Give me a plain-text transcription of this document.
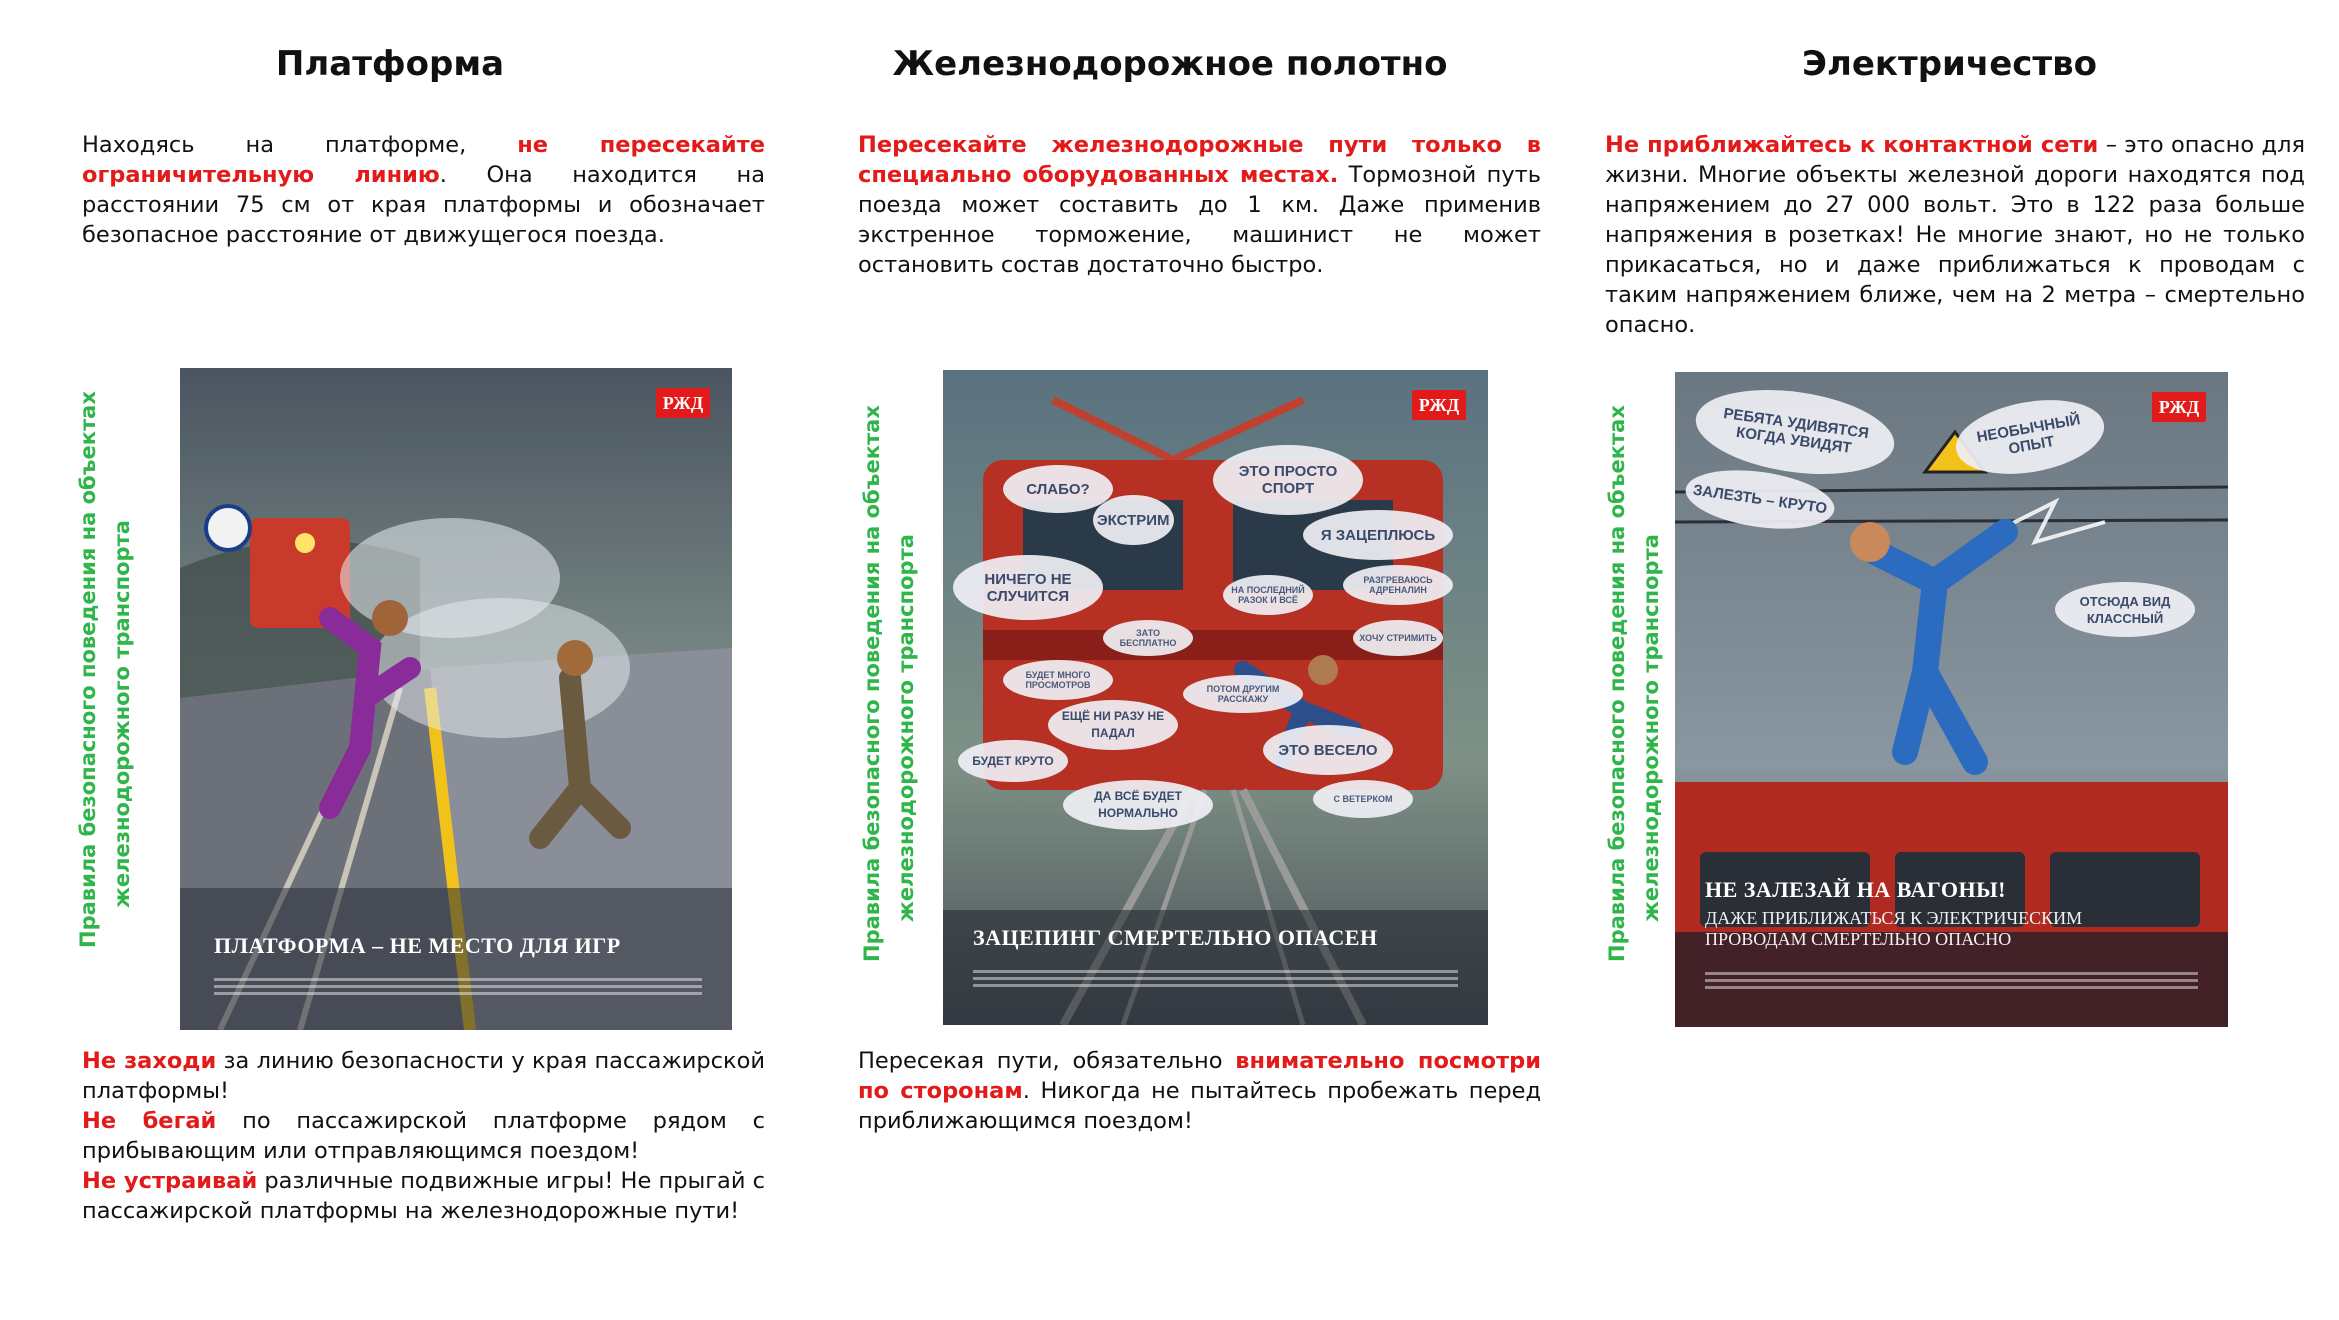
Платформа
Находясь на платформе, не пересекайте ограничительную линию. Она находится на расстоянии 75 см от края платформы и обозначает безопасное расстояние от движущегося поезда.
Правила безопасного поведения на объектах железнодорожного транспорта
РЖД
ПЛАТФОРМА – НЕ МЕСТО ДЛЯ ИГР
Не заходи за линию безопасности у края пассажирской платформы!
Не бегай по пассажирской платформе рядом с прибывающим или отправляющимся поездом!
Не устраивай различные подвижные игры! Не прыгай с пассажирской платформы на железнодорожные пути!
Железнодорожное полотно
Пересекайте железнодорожные пути только в специально оборудованных местах. Тормозной путь поезда может составить до 1 км. Даже применив экстренное торможение, машинист не может остановить состав достаточно быстро.
Правила безопасного поведения на объектах железнодорожного транспорта
РЖД
СЛАБО?
ЭТО ПРОСТО СПОРТ
ЭКСТРИМ
Я ЗАЦЕПЛЮСЬ
НИЧЕГО НЕ СЛУЧИТСЯ	НА ПОСЛЕДНИЙ РАЗОК И ВСЁ
РАЗГРЕВАЮСЬ АДРЕНАЛИН
ЗАТО БЕСПЛАТНО	ХОЧУ СТРИМИТЬ
БУДЕТ МНОГО ПРОСМОТРОВ	ПОТОМ ДРУГИМ РАССКАЖУ
ЕЩЁ НИ РАЗУ НЕ ПАДАЛ
БУДЕТ КРУТО
ЭТО ВЕСЕЛО
ДА ВСЁ БУДЕТ НОРМАЛЬНО
С ВЕТЕРКОМ
ЗАЦЕПИНГ СМЕРТЕЛЬНО ОПАСЕН
Пересекая пути, обязательно внимательно посмотри по сторонам. Никогда не пытайтесь пробежать перед приближающимся поездом!
Электричество
Не приближайтесь к контактной сети – это опасно для жизни. Многие объекты железной дороги находятся под напряжением до 27 000 вольт. Это в 122 раза больше напряжения в розетках! Не многие знают, но не только прикасаться, но и даже приближаться к проводам с таким напряжением ближе, чем на 2 метра – смертельно опасно.
Правила безопасного поведения на объектах железнодорожного транспорта
РЖД
РЕБЯТА УДИВЯТСЯ КОГДА УВИДЯТ	НЕОБЫЧНЫЙ ОПЫТ
ЗАЛЕЗТЬ – КРУТО
ОТСЮДА ВИД КЛАССНЫЙ
НЕ ЗАЛЕЗАЙ НА ВАГОНЫ!
ДАЖЕ ПРИБЛИЖАТЬСЯ К ЭЛЕКТРИЧЕСКИМ ПРОВОДАМ СМЕРТЕЛЬНО ОПАСНО
